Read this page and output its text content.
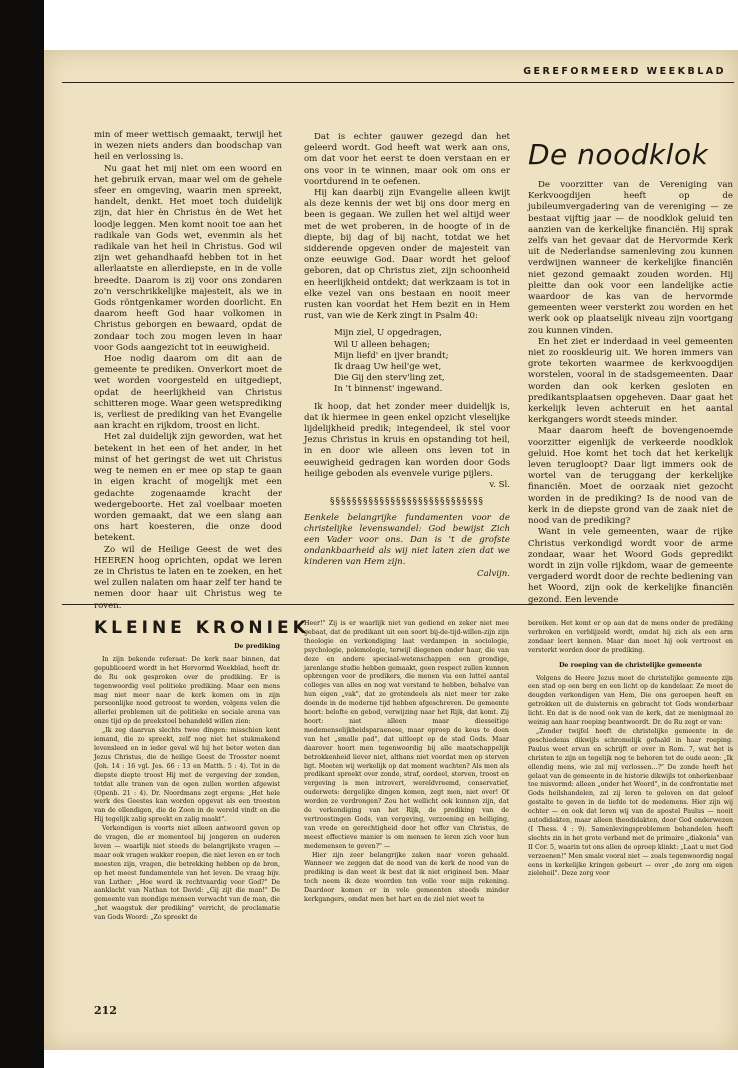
GEREFORMEERD WEEKBLAD

min of meer wettisch gemaakt, terwijl het in wezen niets anders dan boodschap van heil en verlossing is.

Nu gaat het mij niet om een woord en het gebruik ervan, maar wel om de gehele sfeer en omgeving, waarin men spreekt, handelt, denkt. Het moet toch duidelijk zijn, dat hier èn Christus èn de Wet het loodje leggen. Men komt nooit toe aan het radikale van Gods wet, evenmin als het radikale van het heil in Christus. God wil zijn wet gehandhaafd hebben tot in het allerlaatste en allerdiepste, en in de volle breedte. Daarom is zij voor ons zondaren zo'n verschrikkelijke majesteit, als we in Gods röntgenkamer worden doorlicht. En daarom heeft God haar volkomen in Christus geborgen en bewaard, opdat de zondaar toch zou mogen leven in haar voor Gods aangezicht tot in eeuwigheid.

Hoe nodig daarom om dit aan de gemeente te prediken. Onverkort moet de wet worden voorgesteld en uitgediept, opdat de heerlijkheid van Christus schitteren moge. Waar geen wetsprediking is, verliest de prediking van het Evangelie aan kracht en rijkdom, troost en licht.

Het zal duidelijk zijn geworden, wat het betekent in het een of het ander, in het minst of het geringst de wet uit Christus weg te nemen en er mee op stap te gaan in eigen kracht of mogelijk met een gedachte zogenaamde kracht der wedergeboorte. Het zal voelbaar moeten worden gemaakt, dat we een slang aan ons hart koesteren, die onze dood betekent.

Zo wil de Heilige Geest de wet des HEEREN hoog oprichten, opdat we leren ze in Christus te laten en te zoeken, en het wel zullen nalaten om haar zelf ter hand te nemen door haar uit Christus weg te roven.

Dat is echter gauwer gezegd dan het geleerd wordt. God heeft wat werk aan ons, om dat voor het eerst te doen verstaan en er ons voor in te winnen, maar ook om ons er voortdurend in te oefenen.

Hij kan daarbij zijn Evangelie alleen kwijt als deze kennis der wet bij ons door merg en been is gegaan. We zullen het wel altijd weer met de wet proberen, in de hoogte of in de diepte, bij dag of bij nacht, totdat we het sidderende opgeven onder de majesteit van onze eeuwige God. Daar wordt het geloof geboren, dat op Christus ziet, zijn schoonheid en heerlijkheid ontdekt; dat werkzaam is tot in elke vezel van ons bestaan en nooit meer rusten kan voordat het Hem bezit en in Hem rust, van wie de Kerk zingt in Psalm 40:

Mijn ziel, U opgedragen,
Wil U alleen behagen;
Mijn liefd' en ijver brandt;
Ik draag Uw heil'ge wet,
Die Gij den sterv'ling zet,
In 't binnenst' ingewand.

Ik hoop, dat het zonder meer duidelijk is, dat ik hiermee in geen enkel opzicht vleselijke lijdelijkheid predik; integendeel, ik stel voor Jezus Christus in kruis en opstanding tot heil, in en door wie alleen ons leven tot in eeuwigheid gedragen kan worden door Gods heilige geboden als evenvele vurige pijlers.

v. Sl.

§§§§§§§§§§§§§§§§§§§§§§§§§§§§

Eenkele belangrijke fundamenten voor de christelijke levenswandel: God bewijst Zich een Vader voor ons. Dan is 't de grofste ondankbaarheid als wij niet laten zien dat we kinderen van Hem zijn.

Calvijn.

De noodklok

De voorzitter van de Vereniging van Kerkvoogdijen heeft op de jubileumvergadering van de vereniging — ze bestaat vijftig jaar — de noodklok geluid ten aanzien van de kerkelijke financiën. Hij sprak zelfs van het gevaar dat de Hervormde Kerk uit de Nederlandse samenleving zou kunnen verdwijnen wanneer de kerkelijke financiën niet gezond gemaakt zouden worden. Hij pleitte dan ook voor een landelijke actie waardoor de kas van de hervormde gemeenten weer versterkt zou worden en het werk ook op plaatselijk niveau zijn voortgang zou kunnen vinden.

En het ziet er inderdaad in veel gemeenten niet zo rooskleurig uit. We horen immers van grote tekorten waarmee de kerkvoogdijen worstelen, vooral in de stadsgemeenten. Daar worden dan ook kerken gesloten en predikantsplaatsen opgeheven. Daar gaat het kerkelijk leven achteruit en het aantal kerkgangers wordt steeds minder.

Maar daarom heeft de bovengenoemde voorzitter eigenlijk de verkeerde noodklok geluid. Hoe komt het toch dat het kerkelijk leven terugloopt? Daar ligt immers ook de wortel van de teruggang der kerkelijke financiën. Moet de oorzaak niet gezocht worden in de prediking? Is de nood van de kerk in de diepste grond van de zaak niet de nood van de prediking?

Want in vele gemeenten, waar de rijke Christus verkondigd wordt voor de arme zondaar, waar het Woord Gods gepredikt wordt in zijn volle rijkdom, waar de gemeente vergaderd wordt door de rechte bediening van het Woord, zijn ook de kerkelijke financiën gezond. Een levende

KLEINE KRONIEK

De prediking

In zijn bekende referaat: De kerk naar binnen, dat gepubliceerd wordt in het Hervormd Weekblad, heeft dr. de Ru ook gesproken over de prediking. Er is tegenwoordig veel politieke prediking. Maar een mens mag niet meer naar de kerk komen om in zijn persoonlijke nood getroost te worden, volgens velen die allerlei problemen uit de politieke en sociale arena van onze tijd op de preekstoel behandeld willen zien:

„Ik zeg daarvan slechts twee dingen: misschien kent iemand, die zo spreekt, zelf nog niet het stukmakend levensleed en in ieder geval wil hij het beter weten dan Jezus Christus, die de heilige Geest de Trooster noemt (Joh. 14 : 16 vgl. Jes. 66 : 13 en Matth. 5 : 4). Tot in de diepste diepte troost Hij met de vergeving der zonden, totdat alle tranen van de ogen zullen worden afgewist (Openb. 21 : 4). Dr. Noordmans zegt ergens: „Het hele werk des Geestes kan worden opgevat als een troosten van de ellendigen, die de Zoon in de wereld vindt en die Hij tegelijk zalig spreekt en zalig maakt".

Verkondigen is voorts niet alleen antwoord geven op de vragen, die er momenteel bij jongeren en ouderen leven — waarlijk niet steeds de belangrijkste vragen — maar ook vragen wakker roepen, die niet leven en er toch moesten zijn, vragen, die betrekking hebben op de bron, op het meest fundamentele van het leven. De vraag bijv. van Luther: „Hoe word ik rechtvaardig voor God?" De aanklacht van Nathan tot David: „Gij zijt die man!" De gemeente van mondige mensen verwacht van de man, die „het waagstuk der prediking" verricht, de proclamatie van Gods Woord: „Zo spreekt de

Heer!" Zij is er waarlijk niet van gediend en zeker niet mee gebaat, dat de predikant uit een soort bij-de-tijd-willen-zijn zijn theologie en verkondiging laat verdampen in sociologie, psychologie, polemologie, terwijl diegenen onder haar, die van deze en andere speciaal-wetenschappen een grondige, jarenlange studie hebben gemaakt, geen respect zullen kunnen opbrengen voor de predikers, die menen via een luttel aantal colleges van alles en nog wat verstand te hebben, behalve van hun eigen „vak", dat ze grotendeels als niet meer ter zake doende in de moderne tijd hebben afgeschreven. De gemeente hoort: belofte en gebod, verwijzing naar het Rijk, dat komt. Zij hoort: niet alleen maar diesseitige medemenselijkheidsparaenese, maar oproep de keus te doen van het „smalle pad", dat uitloopt op de stad Gods. Maar daarover hoort men tegenwoordig bij alle maatschappelijk betrokkenheid liever niet, althans niet voordat men op sterven ligt. Moeten wij werkelijk op dat moment wachten? Als men als predikant spreekt over zonde, straf, oordeel, sterven, troost en vergeving is men introvert, wereldvreemd, conservatief, ouderwets: dergelijke dingen komen, zegt men, niet over! Of worden ze verdrongen? Zou het wellicht ook kunnen zijn, dat de verkondiging van het Rijk, de prediking van de vertroostingen Gods, van vergeving, verzoening en heiliging, van vrede en gerechtigheid door het offer van Christus, de meest effectieve manier is om mensen te leren zich voor hun medemensen te geven?" —

Hier zijn zeer belangrijke zaken naar voren gehaald. Wanneer we zeggen dat de nood van de kerk de nood van de prediking is dan weet ik best dat ik niet origineel ben. Maar toch neem ik deze woorden ten volle voor mijn rekening. Daardoor komen er in vele gemeenten steeds minder kerkgangers, omdat men het hart en de ziel niet weet te

bereiken. Het komt er op aan dat de mens onder de prediking verbroken en verblijzeld wordt, omdat hij zich als een arm zondaar leert kennen. Maar dan moet hij ook vertroost en versterkt worden door de prediking.

De roeping van de christelijke gemeente

Volgens de Heere Jezus moet de christelijke gemeente zijn een stad op een berg en een licht op de kandelaar. Ze moet de deugden verkondigen van Hem, Die ons geroepen heeft en getrokken uit de duisternis en gebracht tot Gods wonderbaar licht. En dat is de nood ook van de kerk, dat ze menigmaal zo weinig aan haar roeping beantwoordt. Dr. de Ru zegt er van:

„Zonder twijfel heeft de christelijke gemeente in de geschiedenis dikwijls schromelijk gefaald in haar roeping. Paulus weet ervan en schrijft er over in Rom. 7, wat het is christen te zijn en tegelijk nog te behoren tot de oude aeon: „Ik ellendig mens, wie zal mij verlossen...?" De zonde heeft het gelaat van de gemeente in de historie dikwijls tot onherkenbaar toe misvormd: alleen „onder het Woord", in de confrontatie met Gods heilshandelen, zal zij leren te geloven en dat geloof gestalte te geven in de liefde tot de medemens. Hier zijn wij echter — en ook dat leren wij van de apostel Paulus — nooit autodidakten, maar alleen theodidakten, door God onderwezen (I Thess. 4 : 9). Samenlevingsproblemen behandelen heeft slechts zin in het grote verband met de primaire „diakonia" van II Cor. 5, waarin tot ons allen de oproep klinkt: „Laat u met God verzoenen!" Men smale vooral niet — zoals tegenwoordig nogal eens in kerkelijke kringen gebeurt — over „de zorg om eigen zieleheil". Deze zorg voor

212
